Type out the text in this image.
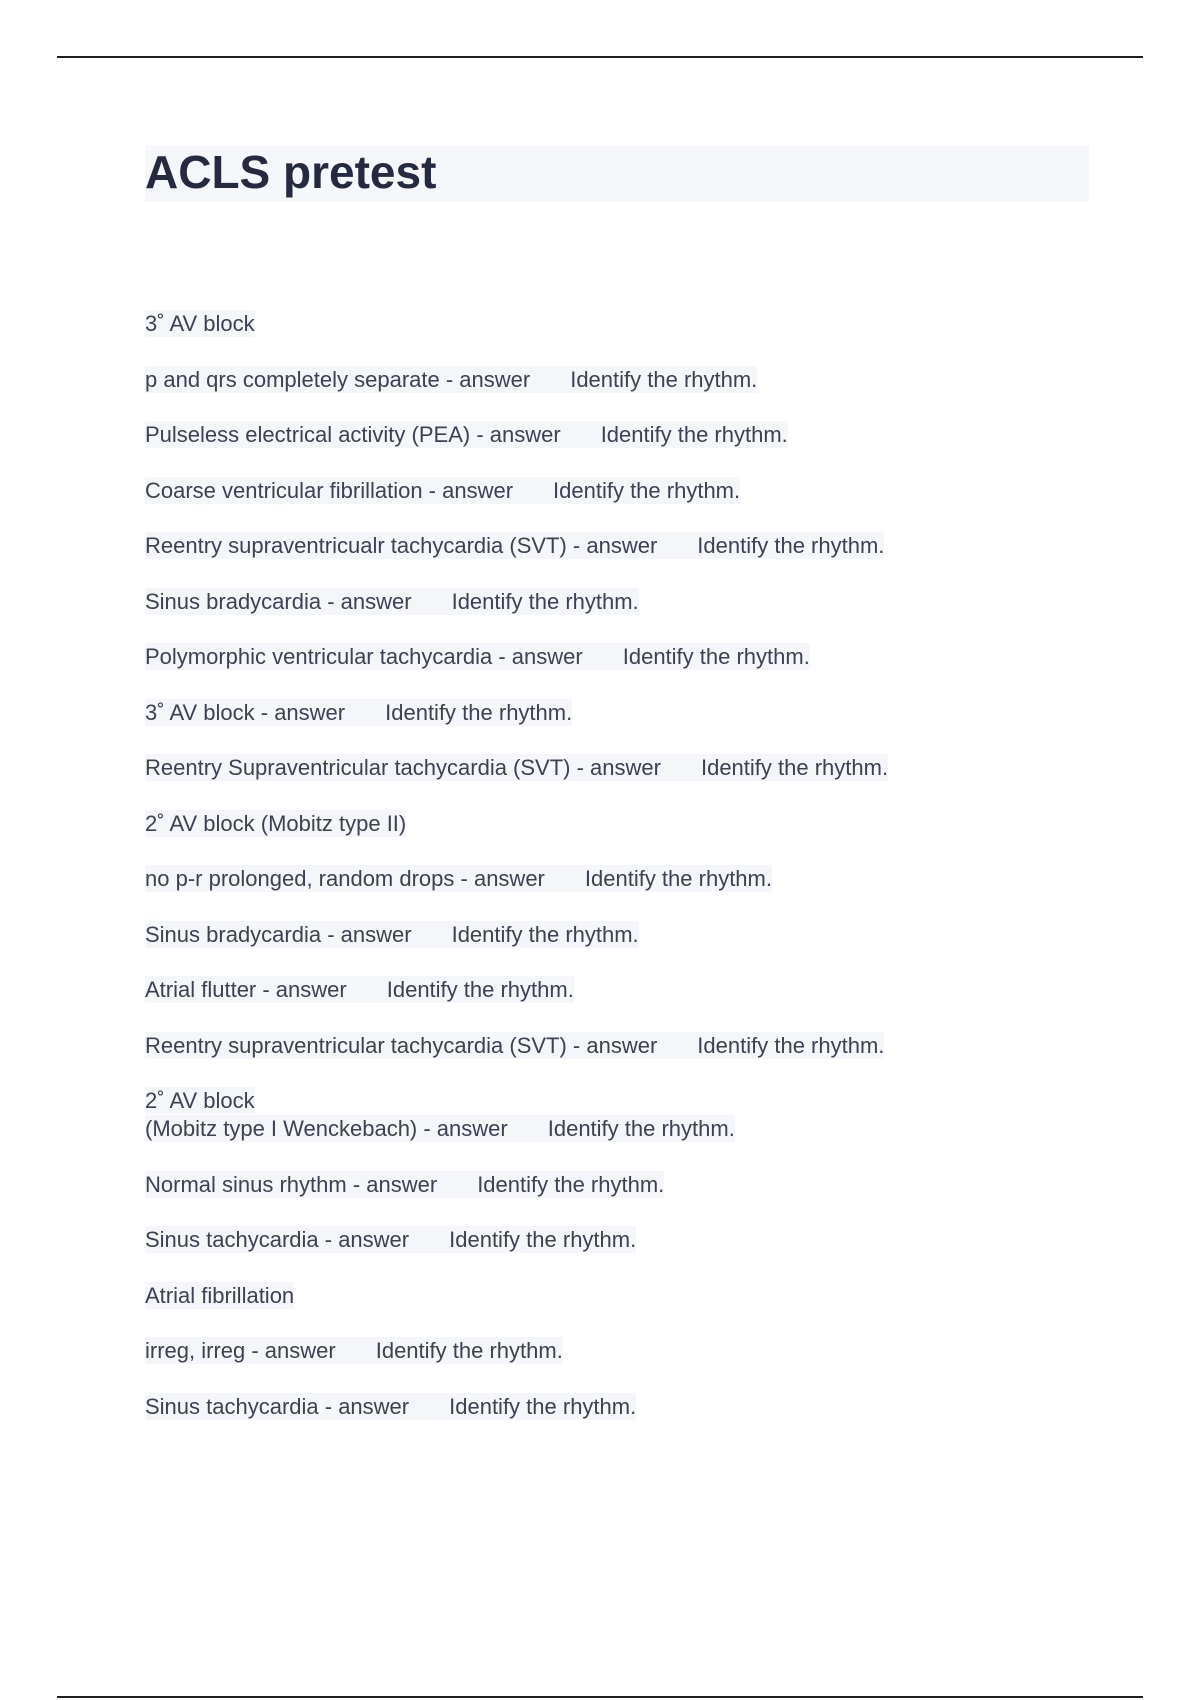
ACLS pretest
3˚ AV block
p and qrs completely separate - answer Identify the rhythm.
Pulseless electrical activity (PEA) - answer Identify the rhythm.
Coarse ventricular fibrillation - answer Identify the rhythm.
Reentry supraventricualr tachycardia (SVT) - answer Identify the rhythm.
Sinus bradycardia - answer Identify the rhythm.
Polymorphic ventricular tachycardia - answer Identify the rhythm.
3˚ AV block - answer Identify the rhythm.
Reentry Supraventricular tachycardia (SVT) - answer Identify the rhythm.
2˚ AV block (Mobitz type II)
no p-r prolonged, random drops - answer Identify the rhythm.
Sinus bradycardia - answer Identify the rhythm.
Atrial flutter - answer Identify the rhythm.
Reentry supraventricular tachycardia (SVT) - answer Identify the rhythm.
2˚ AV block
(Mobitz type I Wenckebach) - answer Identify the rhythm.
Normal sinus rhythm - answer Identify the rhythm.
Sinus tachycardia - answer Identify the rhythm.
Atrial fibrillation
irreg, irreg - answer Identify the rhythm.
Sinus tachycardia - answer Identify the rhythm.
